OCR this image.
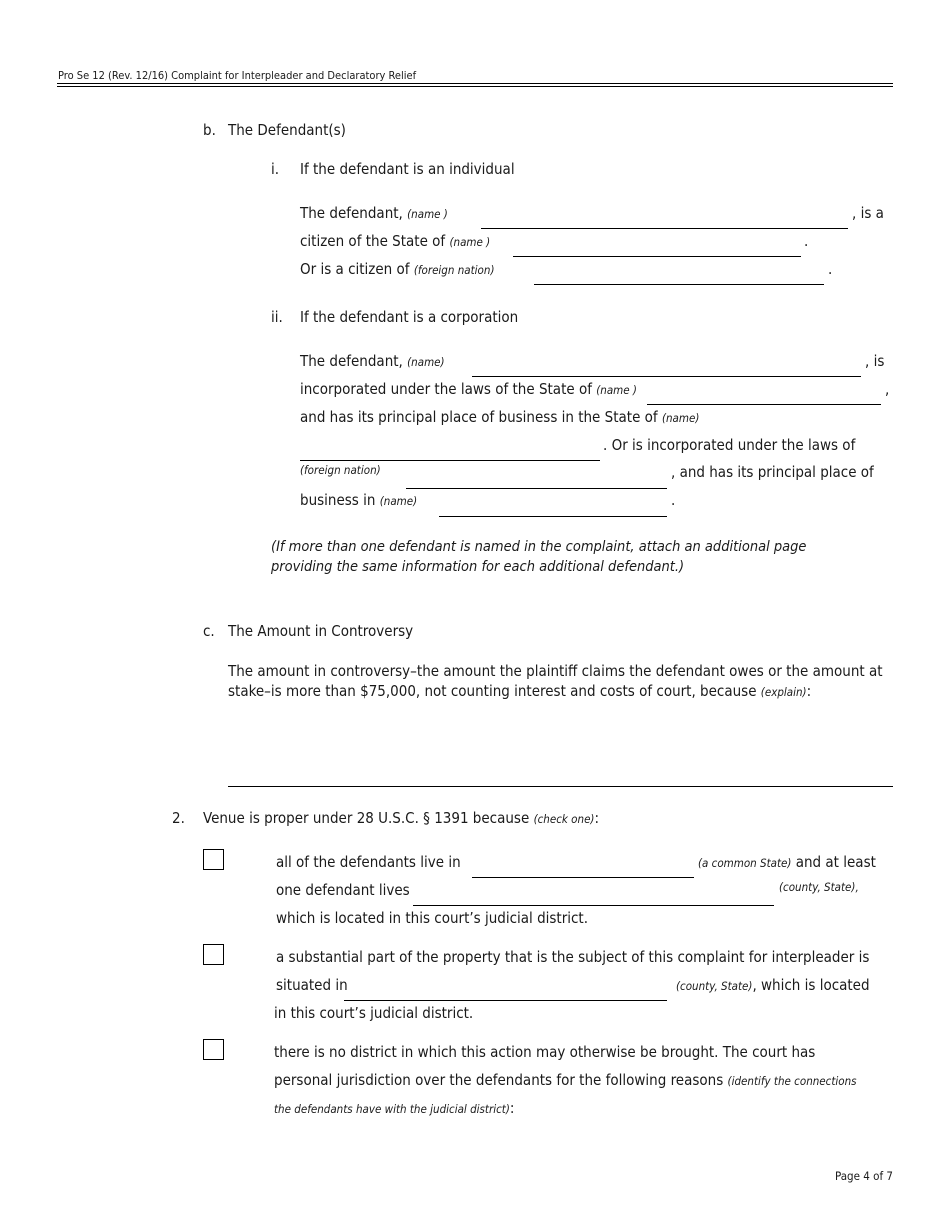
Pro Se 12 (Rev. 12/16) Complaint for Interpleader and Declaratory Relief
b. The Defendant(s)
i. If the defendant is an individual
The defendant, (name )	, is a
citizen of the State of (name )	.
Or is a citizen of (foreign nation)	.
ii. If the defendant is a corporation
The defendant, (name)	, is
incorporated under the laws of the State of (name )	,
and has its principal place of business in the State of (name)
. Or is incorporated under the laws of
(foreign nation)	, and has its principal place of
business in (name)	.
(If more than one defendant is named in the complaint, attach an additional page
providing the same information for each additional defendant.)
c. The Amount in Controversy
The amount in controversy–the amount the plaintiff claims the defendant owes or the amount at
stake–is more than $75,000, not counting interest and costs of court, because (explain):
2. Venue is proper under 28 U.S.C. § 1391 because (check one):
all of the defendants live in	(a common State) and at least
one defendant lives	(county, State),
which is located in this court’s judicial district.
a substantial part of the property that is the subject of this complaint for interpleader is
situated in	(county, State), which is located
in this court’s judicial district.
there is no district in which this action may otherwise be brought. The court has
personal jurisdiction over the defendants for the following reasons (identify the connections
the defendants have with the judicial district):
Page 4 of 7
